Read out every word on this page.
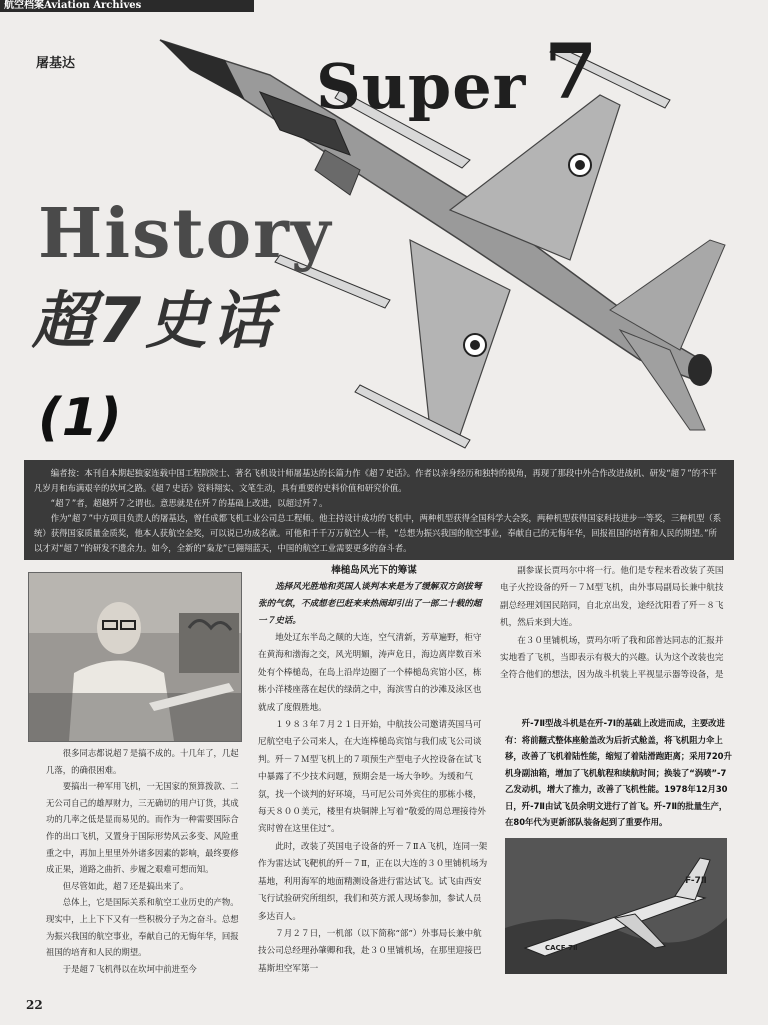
航空档案Aviation Archives
屠基达	Super 7
History
超7史话
(1)

编者按：本刊自本期起独家连载中国工程院院士、著名飞机设计师屠基达的长篇力作《超７史话》。作者以亲身经历和独特的视角，再现了那段中外合作改进战机、研发“超７”的不平凡岁月和布满艰辛的坎坷之路。《超７史话》资料翔实、文笔生动，具有重要的史料价值和研究价值。

“超７”者，超越歼７之谓也。意思就是在歼７的基础上改进，以超过歼７。

作为“超７”中方项目负责人的屠基达，曾任成都飞机工业公司总工程师。他主持设计成功的飞机中，两种机型获得全国科学大会奖，两种机型获得国家科技进步一等奖，三种机型（系统）获得国家质量金质奖，他本人获航空金奖，可以说已功成名就。可他和千千万万航空人一样，“总想为振兴我国的航空事业，奉献自己的无悔年华，回报祖国的培育和人民的期望。”所以才对“超７”的研发不遗余力。如今，全新的“枭龙”已翱翔蓝天，中国的航空工业需要更多的奋斗者。

很多同志都说超７是搞不成的。十几年了，几起几落，的确很困难。

要搞出一种军用飞机，一无国家的预算拨款、二无公司自己的雄厚财力，三无确切的用户订货，其成功的几率之低是显而易见的。而作为一种需要国际合作的出口飞机，又置身于国际形势风云多变、风险重重之中，再加上里里外外诸多因素的影响，最终要修成正果，道路之曲折、步履之艰难可想而知。

但尽管如此，超７还是搞出来了。

总体上，它是国际关系和航空工业历史的产物。现实中，上上下下又有一些积极分子为之奋斗。总想为振兴我国的航空事业，奉献自己的无悔年华，回报祖国的培育和人民的期望。

于是超７飞机得以在坎坷中前进至今

棒槌岛风光下的筹谋

选择风光胜地和英国人谈判本来是为了缓解双方剑拔弩张的气氛，不成想老巴赶来来热闹却引出了一部二十载的超一７史话。

地处辽东半岛之颠的大连，空气清新，芳草遍野，柜守在黄海和渤海之交，风光明媚，涛声危日，海边离岸数百米处有个棒槌岛，在岛上沿岸边圈了一个棒槌岛宾馆小区，栋栋小洋楼座落在起伏的绿荫之中，海滨雪白的沙滩及泳区也就成了度假胜地。

１９８３年７月２１日开始，中航技公司邀请英国马可尼航空电子公司来人，在大连棒槌岛宾馆与我们成飞公司谈判。歼－７Ｍ型飞机上的７项预生产型电子火控设备在试飞中暴露了不少技术问题，预期会是一场大争吵。为缓和气氛，找一个谈判的好环境，马可尼公司外宾住的那栋小楼，每天８００美元，楼里有块铜牌上写着“敬爱的周总理接待外宾时曾在这里住过”。

此时，改装了英国电子设备的歼－７ⅡＡ飞机，连同一架作为雷达试飞靶机的歼－７Ⅱ，正在以大连的３０里铺机场为基地，利用海军的地面精测设备进行雷达试飞。试飞由西安飞行试验研究所组织，我们和英方派人现场参加，参试人员多达百人。

７月２７日，一机部（以下简称“部”）外事局长兼中航技公司总经理孙肇卿和我，赴３０里铺机场，在那里迎接巴基斯坦空军第一

副参谋长贾玛尔中将一行。他们是专程来看改装了英国电子火控设备的歼－７Ｍ型飞机，由外事局副局长兼中航技副总经理刘国民陪同，自北京出发，途经沈阳看了歼－８飞机，然后来到大连。

在３０里铺机场，贾玛尔听了我和邱普达同志的汇报并实地看了飞机，当即表示有极大的兴趣。认为这个改装也完全符合他们的想法，因为战斗机装上平视显示器等设备，是

歼-7Ⅱ型战斗机是在歼-7Ⅰ的基础上改进而成，主要改进有：将前翻式整体座舱盖改为后折式舱盖，将飞机阻力伞上移，改善了飞机着陆性能，缩短了着陆滑跑距离；采用720升机身副油箱，增加了飞机航程和续航时间；换装了“涡喷”-7乙发动机，增大了推力，改善了飞机性能。1978年12月30日，歼-7Ⅱ由试飞员余明文进行了首飞。歼-7Ⅱ的批量生产，在80年代为更新部队装备起到了重要作用。

F-7Ⅱ
CACF-7Ⅱ
22
